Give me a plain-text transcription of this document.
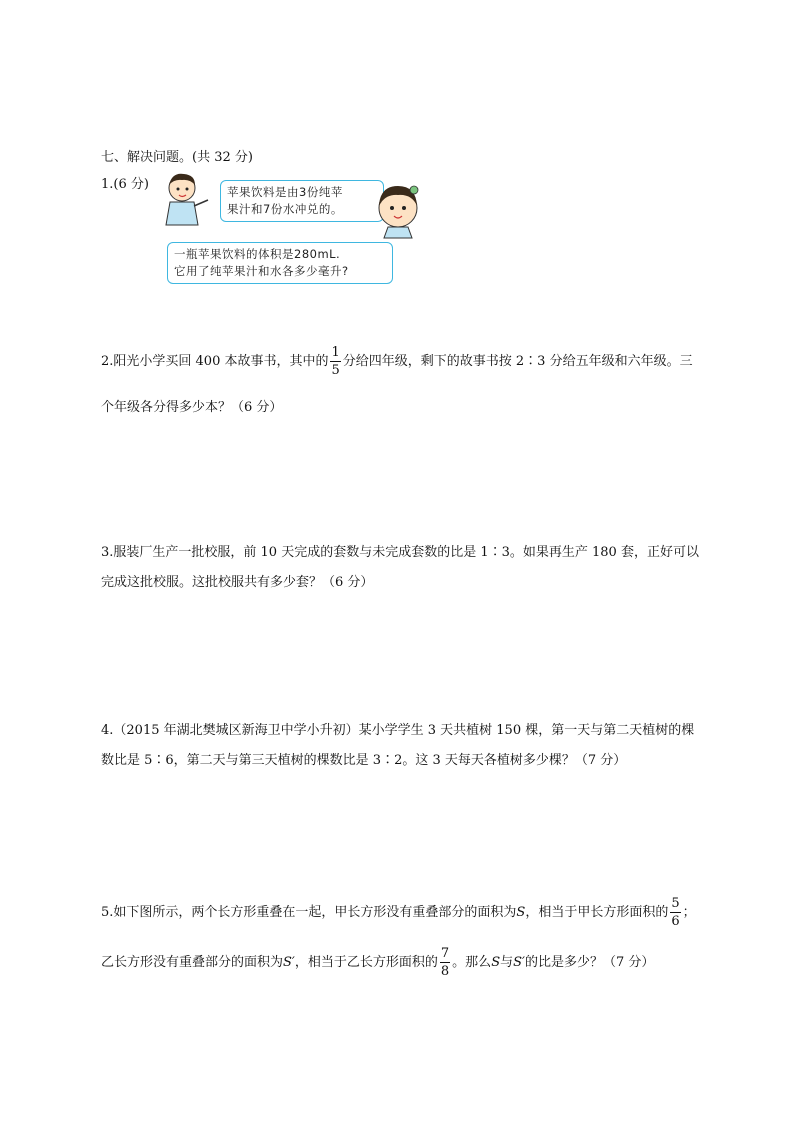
七、解决问题。(共 32 分)
1.(6 分)	苹果饮料是由3份纯苹
果汁和7份水冲兑的。
一瓶苹果饮料的体积是280mL.
它用了纯苹果汁和水各多少毫升?
2.阳光小学买回 400 本故事书，其中的 $\frac{1}{5}$ 分给四年级，剩下的故事书按 2∶3 分给五年级和六年级。三
个年级各分得多少本？（6 分）
3.服装厂生产一批校服，前 10 天完成的套数与未完成套数的比是 1∶3。如果再生产 180 套，正好可以
完成这批校服。这批校服共有多少套？（6 分）
4.（2015 年湖北樊城区新海卫中学小升初）某小学学生 3 天共植树 150 棵，第一天与第二天植树的棵
数比是 5∶6，第二天与第三天植树的棵数比是 3∶2。这 3 天每天各植树多少棵？（7 分）
5.如下图所示，两个长方形重叠在一起，甲长方形没有重叠部分的面积为S，相当于甲长方形面积的 $\frac{5}{6}$ ；
乙长方形没有重叠部分的面积为S′，相当于乙长方形面积的 $\frac{7}{8}$ 。那么S与S′的比是多少？（7 分）
